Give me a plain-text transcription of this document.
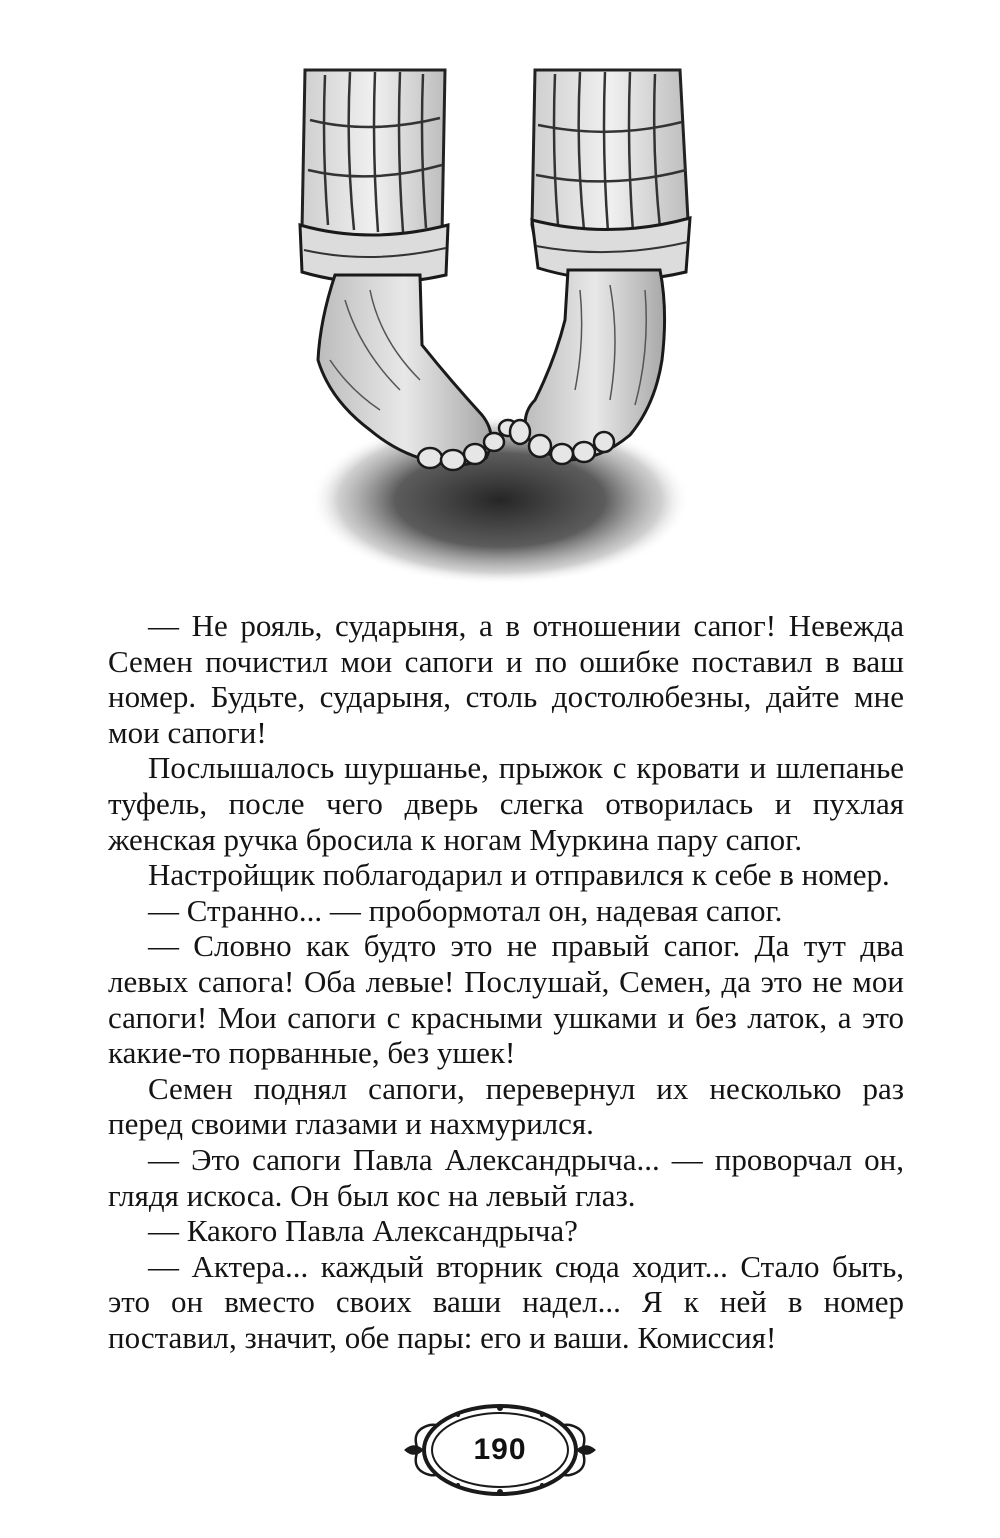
— Не рояль, сударыня, а в отношении сапог! Невежда Семен почистил мои сапоги и по ошибке поставил в ваш номер. Будьте, сударыня, столь достолюбезны, дайте мне мои сапоги!

Послышалось шуршанье, прыжок с кровати и шлепанье туфель, после чего дверь слегка отворилась и пухлая женская ручка бросила к ногам Муркина пару сапог.

Настройщик поблагодарил и отправился к себе в номер.

— Странно... — пробормотал он, надевая сапог.

— Словно как будто это не правый сапог. Да тут два левых сапога! Оба левые! Послушай, Семен, да это не мои сапоги! Мои сапоги с красными ушками и без латок, а это какие-то порванные, без ушек!

Семен поднял сапоги, перевернул их несколько раз перед своими глазами и нахмурился.

— Это сапоги Павла Александрыча... — проворчал он, глядя искоса. Он был кос на левый глаз.

— Какого Павла Александрыча?

— Актера... каждый вторник сюда ходит... Стало быть, это он вместо своих ваши надел... Я к ней в номер поставил, значит, обе пары: его и ваши. Комиссия!

190
